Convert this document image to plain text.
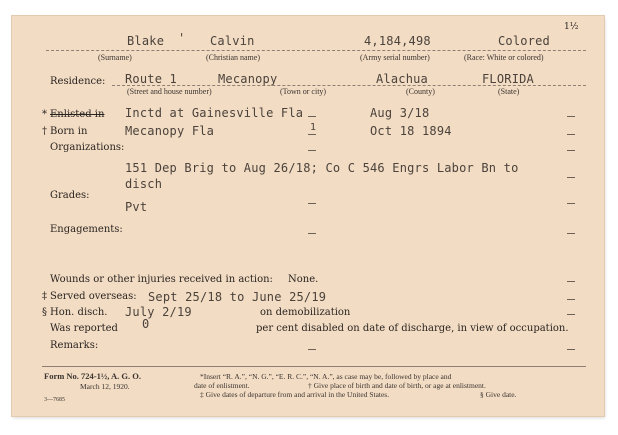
1½
Blake ' Calvin	4,184,498	Colored
(Surname)	(Christian name)	(Army serial number)	(Race: White or colored)
Residence: Route 1	Mecanopy	Alachua	FLORIDA
(Street and house number)	(Town or city)	(County)	(State)
* Enlisted in Inctd at Gainesville Fla	Aug 3/18
† Born in	Mecanopy Fla	1	Oct 18 1894
Organizations:
151 Dep Brig to Aug 26/18; Co C 546 Engrs Labor Bn to
disch
Grades:
Pvt
Engagements:
Wounds or other injuries received in action: None.
‡ Served overseas: Sept 25/18 to June 25/19
§ Hon. disch. July 2/19	on demobilization
Was reported 0	per cent disabled on date of discharge, in view of occupation.
Remarks:
Form No. 724-1½, A. G. O.
March 12, 1920.
3—7685
*Insert “R. A.”, “N. G.”, “E. R. C.”, “N. A.”, as case may be, followed by place and
date of enlistment.	† Give place of birth and date of birth, or age at enlistment.
‡ Give dates of departure from and arrival in the United States.	§ Give date.
